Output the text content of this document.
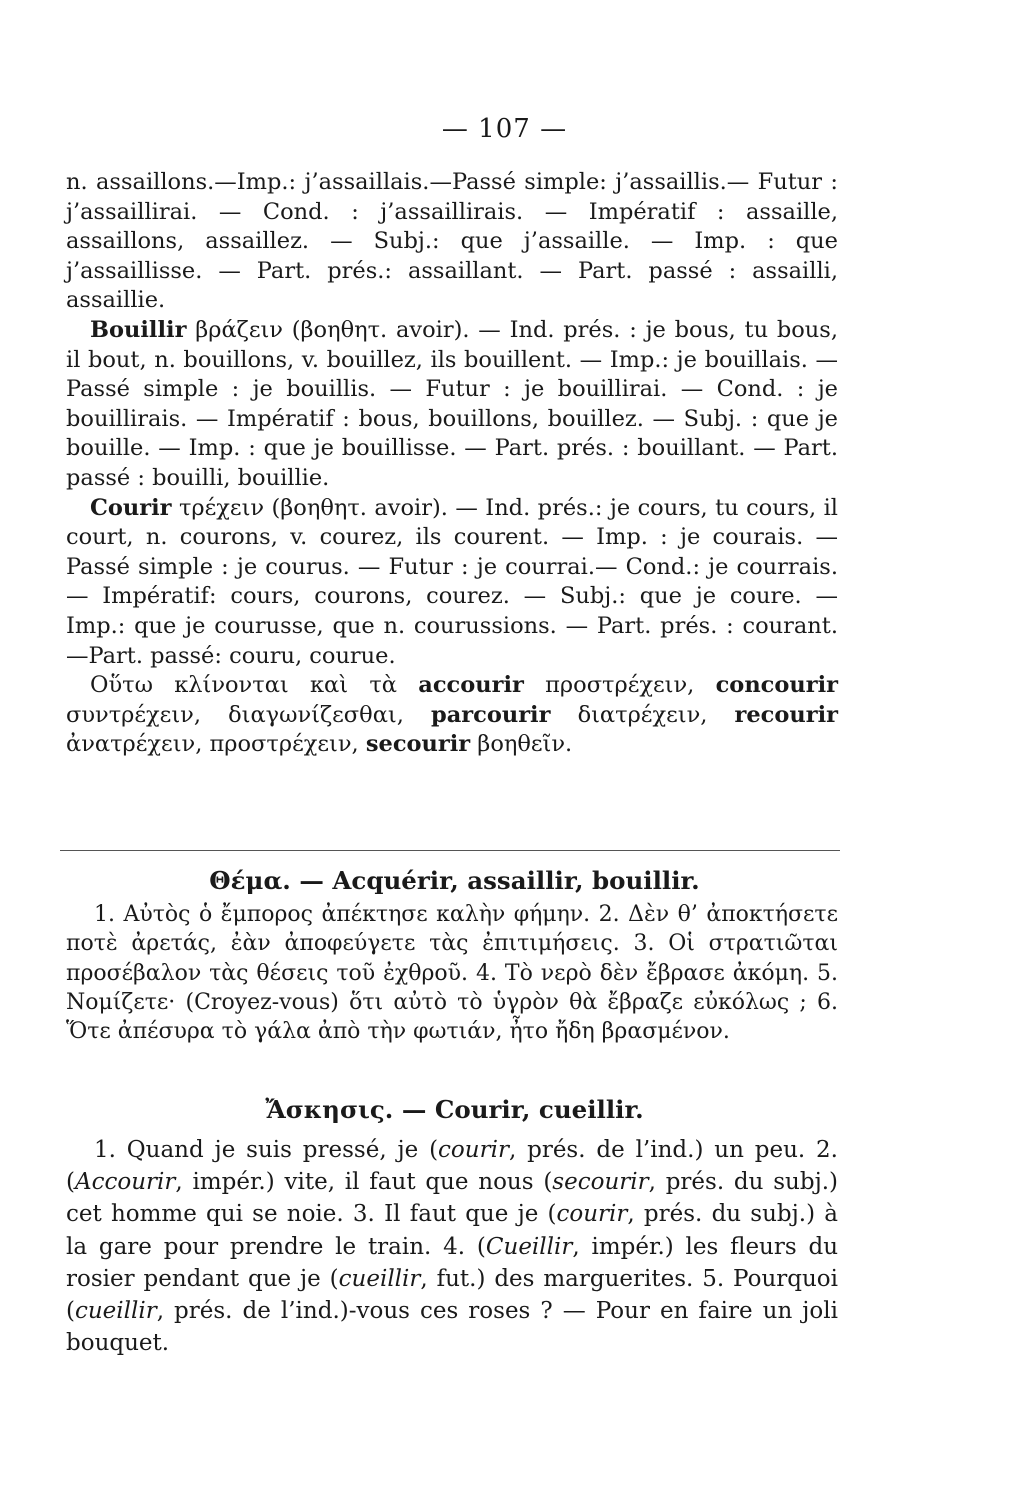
— 107 —

n. assaillons.—Imp.: j’assaillais.—Passé simple: j’assaillis.— Futur : j’assaillirai. — Cond. : j’assaillirais. — Impératif : assaille, assaillons, assaillez. — Subj.: que j’assaille. — Imp. : que j’assaillisse. — Part. prés.: assaillant. — Part. passé : assailli, assaillie.

Bouillir βράζειν (βοηθητ. avoir). — Ind. prés. : je bous, tu bous, il bout, n. bouillons, v. bouillez, ils bouillent. — Imp.: je bouillais. — Passé simple : je bouillis. — Futur : je bouillirai. — Cond. : je bouillirais. — Impératif : bous, bouillons, bouillez. — Subj. : que je bouille. — Imp. : que je bouillisse. — Part. prés. : bouillant. — Part. passé : bouilli, bouillie.

Courir τρέχειν (βοηθητ. avoir). — Ind. prés.: je cours, tu cours, il court, n. courons, v. courez, ils courent. — Imp. : je courais. — Passé simple : je courus. — Futur : je courrai.— Cond.: je courrais. — Impératif: cours, courons, courez. — Subj.: que je coure. — Imp.: que je courusse, que n. courussions. — Part. prés. : courant.—Part. passé: couru, courue.

Οὕτω κλίνονται καὶ τὰ accourir προστρέχειν, concourir συντρέχειν, διαγωνίζεσθαι, parcourir διατρέχειν, recourir ἀνατρέχειν, προστρέχειν, secourir βοηθεῖν.

Θέμα. — Acquérir, assaillir, bouillir.

1. Αὐτὸς ὁ ἔμπορος ἀπέκτησε καλὴν φήμην. 2. Δὲν θ’ ἀποκτήσετε ποτὲ ἀρετάς, ἐὰν ἀποφεύγετε τὰς ἐπιτιμήσεις. 3. Οἱ στρατιῶται προσέβαλον τὰς θέσεις τοῦ ἐχθροῦ. 4. Τὸ νερὸ δὲν ἔβρασε ἀκόμη. 5. Νομίζετε· (Croyez-vous) ὅτι αὐτὸ τὸ ὑγρὸν θὰ ἔβραζε εὐκόλως ; 6. Ὅτε ἀπέσυρα τὸ γάλα ἀπὸ τὴν φωτιάν, ἦτο ἤδη βρασμένον.

Ἄσκησις. — Courir, cueillir.

1. Quand je suis pressé, je (courir, prés. de l’ind.) un peu. 2. (Accourir, impér.) vite, il faut que nous (secourir, prés. du subj.) cet homme qui se noie. 3. Il faut que je (courir, prés. du subj.) à la gare pour prendre le train. 4. (Cueillir, impér.) les fleurs du rosier pendant que je (cueillir, fut.) des marguerites. 5. Pourquoi (cueillir, prés. de l’ind.)-vous ces roses ? — Pour en faire un joli bouquet.
